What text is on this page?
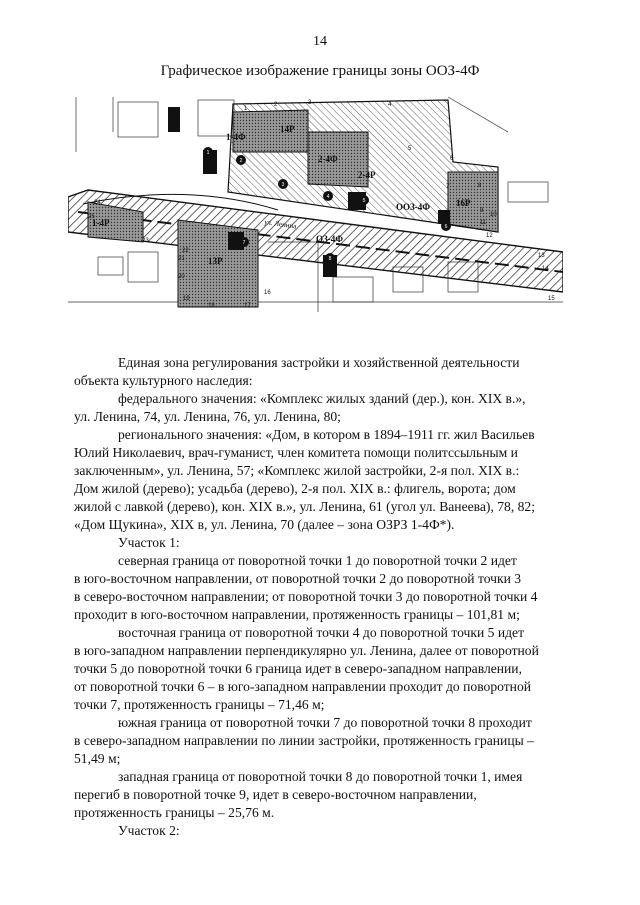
14
Графическое изображение границы зоны ООЗ-4Ф
1
2	3	4
5
6
7	8
9
10
11
12
13
14
15
16
17
18
19
20
21
22
23
24
25
1
2
3
4
5
6
7
8
ООЗ-4Ф
ОЗ-4Ф
1-4Ф
1-4Р
2-4Р
2-4Ф
14Р
16Р
13Р
ул. Ленина

Единая зона регулирования застройки и хозяйственной деятельности

объекта культурного наследия:

федерального значения: «Комплекс жилых зданий (дер.), кон. XIX в.»,

ул. Ленина, 74, ул. Ленина, 76, ул. Ленина, 80;

регионального значения: «Дом, в котором в 1894–1911 гг. жил Васильев

Юлий Николаевич, врач-гуманист, член комитета помощи политссыльным и

заключенным», ул. Ленина, 57; «Комплекс жилой застройки, 2-я пол. XIX в.:

Дом жилой (дерево); усадьба (дерево), 2-я пол. XIX в.: флигель, ворота; дом

жилой с лавкой (дерево), кон. XIX в.», ул. Ленина, 61 (угол ул. Ванеева), 78, 82;

«Дом Щукина», XIX в, ул. Ленина, 70 (далее – зона ОЗРЗ 1-4Ф*).

Участок 1:

северная граница от поворотной точки 1 до поворотной точки 2 идет

в юго-восточном направлении, от поворотной точки 2 до поворотной точки 3

в северо-восточном направлении; от поворотной точки 3 до поворотной точки 4

проходит в юго-восточном направлении, протяженность границы – 101,81 м;

восточная граница от поворотной точки 4 до поворотной точки 5 идет

в юго-западном направлении перпендикулярно ул. Ленина, далее от поворотной

точки 5 до поворотной точки 6 граница идет в северо-западном направлении,

от поворотной точки 6 – в юго-западном направлении проходит до поворотной

точки 7, протяженность границы – 71,46 м;

южная граница от поворотной точки 7 до поворотной точки 8 проходит

в северо-западном направлении по линии застройки, протяженность границы –

51,49 м;

западная граница от поворотной точки 8 до поворотной точки 1, имея

перегиб в поворотной точке 9, идет в северо-восточном направлении,

протяженность границы – 25,76 м.

Участок 2:
